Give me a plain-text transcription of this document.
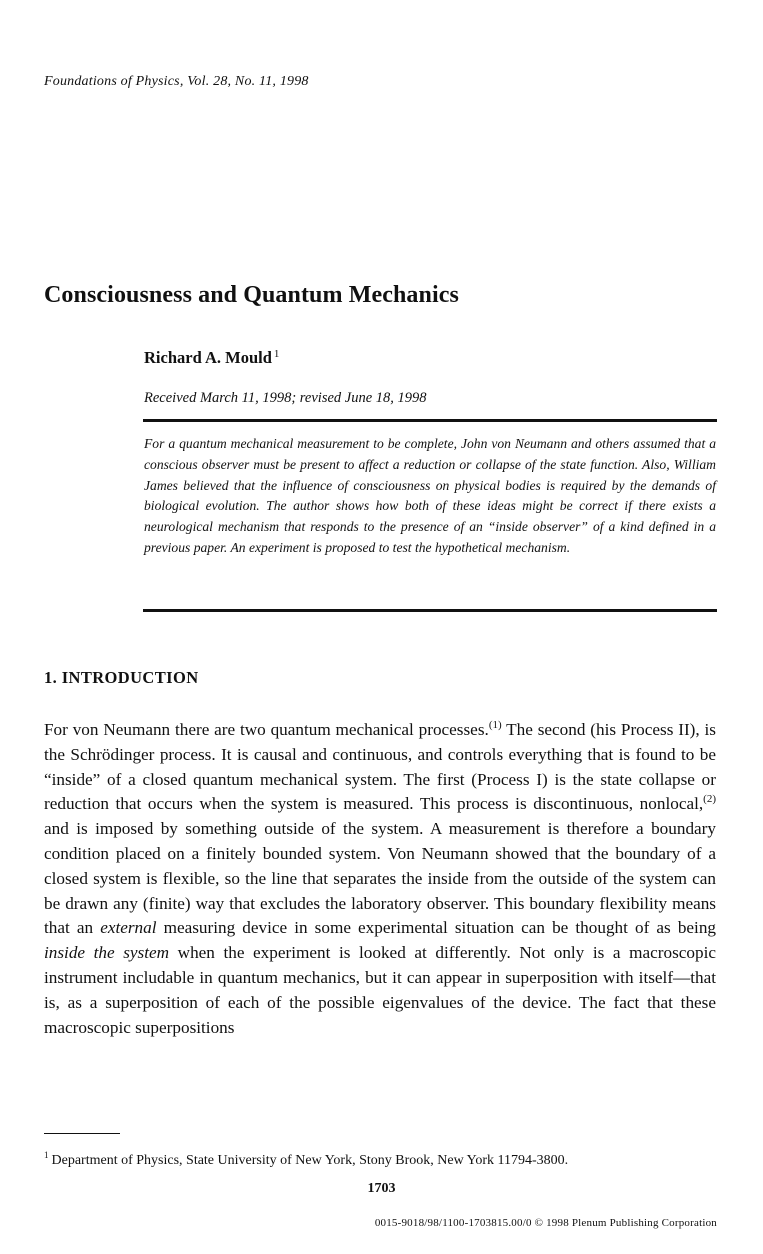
Foundations of Physics, Vol. 28, No. 11, 1998
Consciousness and Quantum Mechanics
Richard A. Mould $^1$
Received March 11, 1998; revised June 18, 1998

For a quantum mechanical measurement to be complete, John von Neumann and others assumed that a conscious observer must be present to affect a reduction or collapse of the state function. Also, William James believed that the influence of consciousness on physical bodies is required by the demands of biological evolution. The author shows how both of these ideas might be correct if there exists a neurological mechanism that responds to the presence of an “inside observer” of a kind defined in a previous paper. An experiment is proposed to test the hypothetical mechanism.

1. INTRODUCTION

For von Neumann there are two quantum mechanical processes.$^{(1)}$ The second (his Process II), is the Schrödinger process. It is causal and continuous, and controls everything that is found to be “inside” of a closed quantum mechanical system. The first (Process I) is the state collapse or reduction that occurs when the system is measured. This process is discontinuous, nonlocal,$^{(2)}$ and is imposed by something outside of the system. A measurement is therefore a boundary condition placed on a finitely bounded system. Von Neumann showed that the boundary of a closed system is flexible, so the line that separates the inside from the outside of the system can be drawn any (finite) way that excludes the laboratory observer. This boundary flexibility means that an external measuring device in some experimental situation can be thought of as being inside the system when the experiment is looked at differently. Not only is a macroscopic instrument includable in quantum mechanics, but it can appear in superposition with itself—that is, as a superposition of each of the possible eigenvalues of the device. The fact that these macroscopic superpositions

$^1$ Department of Physics, State University of New York, Stony Brook, New York 11794-3800.
1703
0015-9018/98/1100-1703815.00/0 © 1998 Plenum Publishing Corporation
